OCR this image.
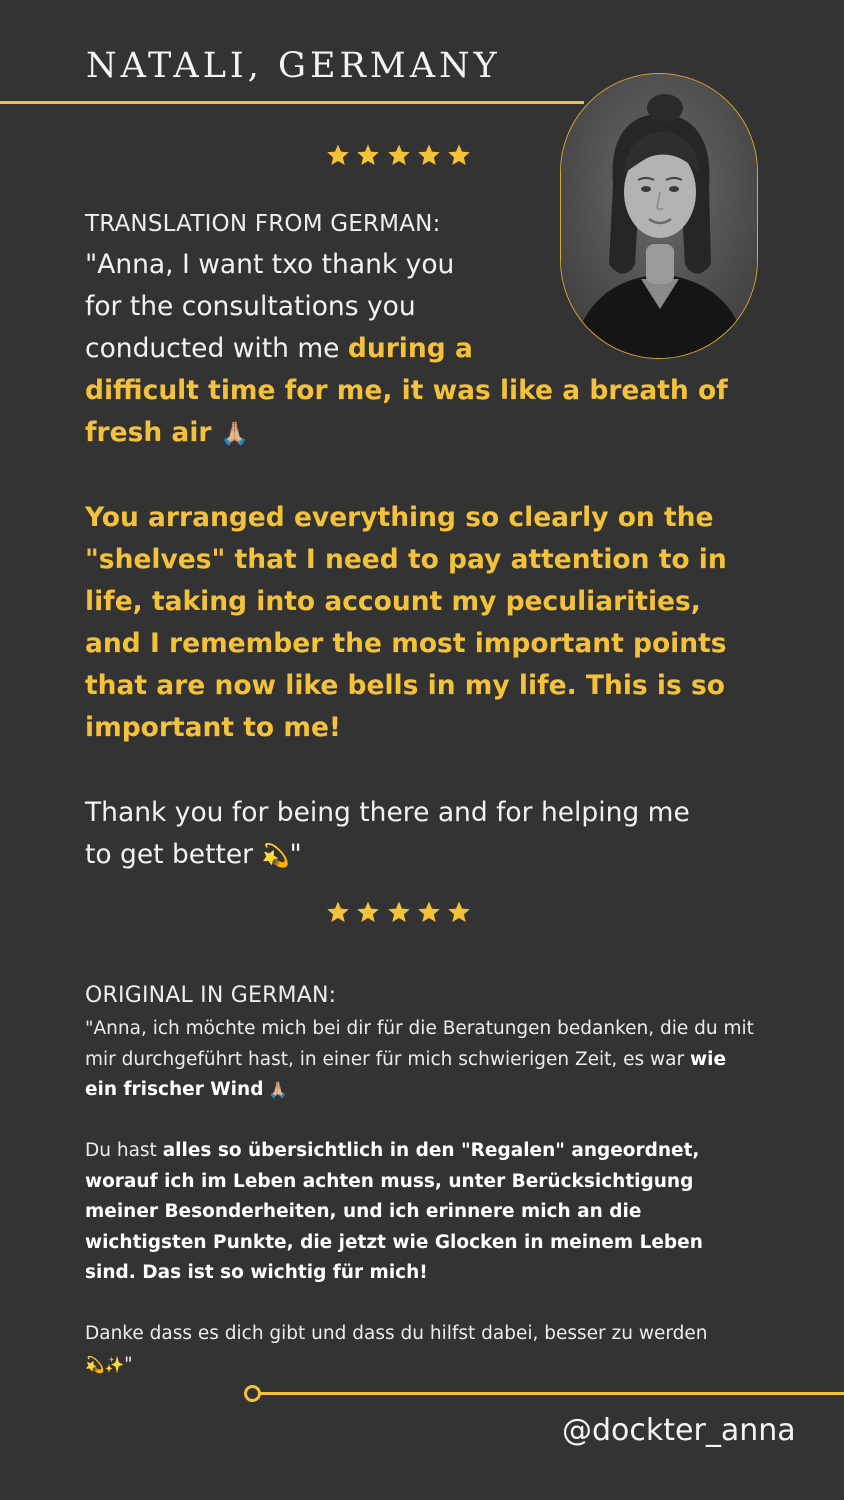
NATALI, GERMANY
TRANSLATION FROM GERMAN:
"Anna, I want txo thank you
for the consultations you
conducted with me during a
difficult time for me, it was like a breath of
fresh air 🙏🏼

You arranged everything so clearly on the "shelves" that I need to pay attention to in life, taking into account my peculiarities, and I remember the most important points that are now like bells in my life. This is so important to me!

Thank you for being there and for helping me
to get better 💫"
ORIGINAL IN GERMAN:

"Anna, ich möchte mich bei dir für die Beratungen bedanken, die du mit mir durchgeführt hast, in einer für mich schwierigen Zeit, es war wie ein frischer Wind 🙏🏼

Du hast alles so übersichtlich in den "Regalen" angeordnet, worauf ich im Leben achten muss, unter Berücksichtigung meiner Besonderheiten, und ich erinnere mich an die wichtigsten Punkte, die jetzt wie Glocken in meinem Leben sind. Das ist so wichtig für mich!

Danke dass es dich gibt und dass du hilfst dabei, besser zu werden 💫✨"

@dockter_anna
